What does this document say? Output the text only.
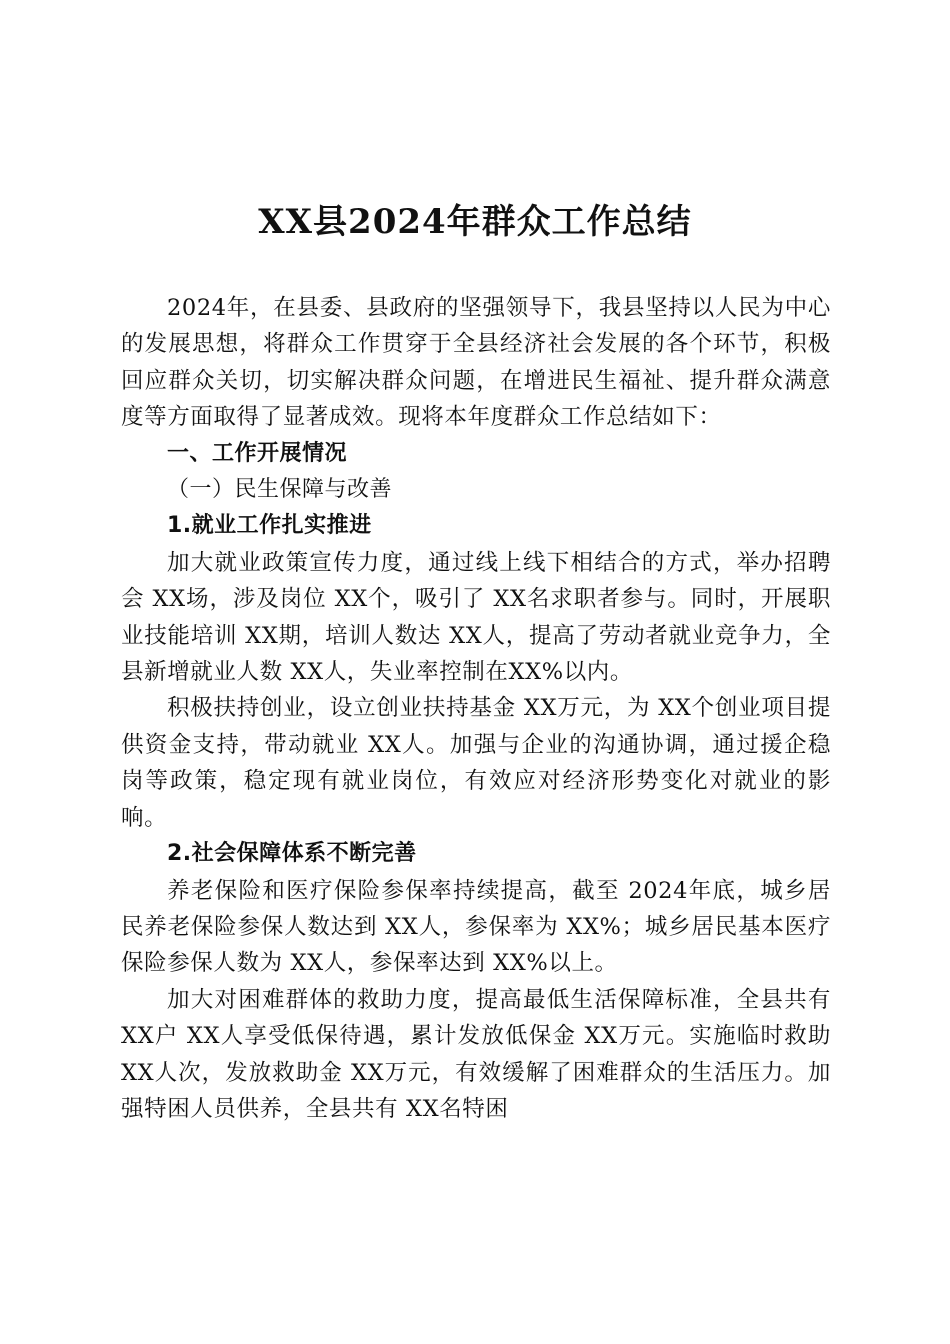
XX县2024年群众工作总结

2024年，在县委、县政府的坚强领导下，我县坚持以人民为中心的发展思想，将群众工作贯穿于全县经济社会发展的各个环节，积极回应群众关切，切实解决群众问题，在增进民生福祉、提升群众满意度等方面取得了显著成效。现将本年度群众工作总结如下：

一、工作开展情况

（一）民生保障与改善

1.就业工作扎实推进

加大就业政策宣传力度，通过线上线下相结合的方式，举办招聘会 XX场，涉及岗位 XX个，吸引了 XX名求职者参与。同时，开展职业技能培训 XX期，培训人数达 XX人，提高了劳动者就业竞争力，全县新增就业人数 XX人，失业率控制在XX%以内。

积极扶持创业，设立创业扶持基金 XX万元，为 XX个创业项目提供资金支持，带动就业 XX人。加强与企业的沟通协调，通过援企稳岗等政策，稳定现有就业岗位，有效应对经济形势变化对就业的影响。

2.社会保障体系不断完善

养老保险和医疗保险参保率持续提高，截至 2024年底，城乡居民养老保险参保人数达到 XX人，参保率为 XX%；城乡居民基本医疗保险参保人数为 XX人，参保率达到 XX%以上。

加大对困难群体的救助力度，提高最低生活保障标准，全县共有 XX户 XX人享受低保待遇，累计发放低保金 XX万元。实施临时救助 XX人次，发放救助金 XX万元，有效缓解了困难群众的生活压力。加强特困人员供养，全县共有 XX名特困
